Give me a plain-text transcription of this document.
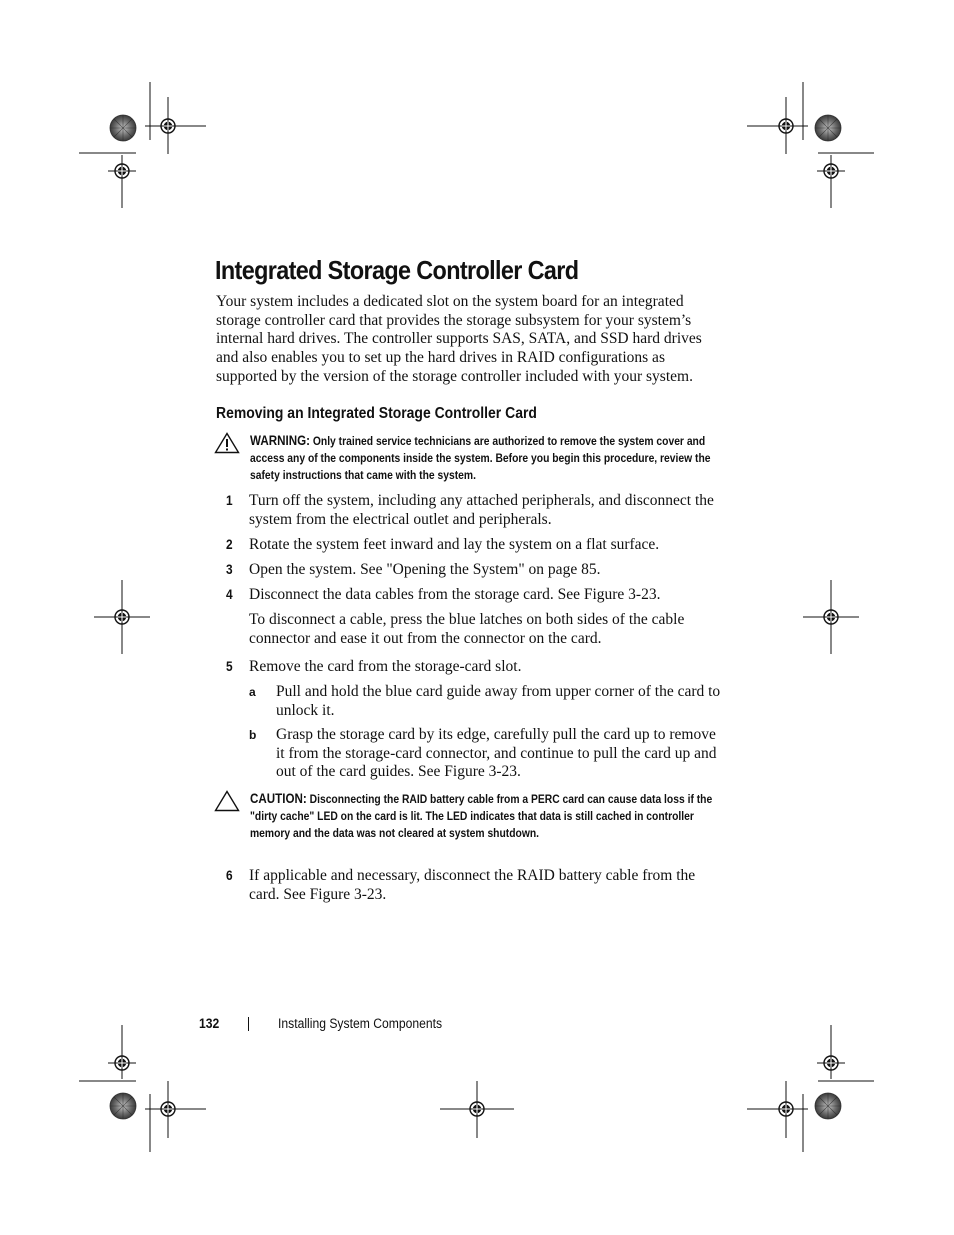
Integrated Storage Controller Card

Your system includes a dedicated slot on the system board for an integrated storage controller card that provides the storage subsystem for your system’s internal hard drives. The controller supports SAS, SATA, and SSD hard drives and also enables you to set up the hard drives in RAID configurations as supported by the version of the storage controller included with your system.

Removing an Integrated Storage Controller Card
WARNING: Only trained service technicians are authorized to remove the system cover and access any of the components inside the system. Before you begin this procedure, review the safety instructions that came with the system.
1 Turn off the system, including any attached peripherals, and disconnect the system from the electrical outlet and peripherals.
2 Rotate the system feet inward and lay the system on a flat surface.
3 Open the system. See "Opening the System" on page 85.
4 Disconnect the data cables from the storage card. See Figure 3-23.
To disconnect a cable, press the blue latches on both sides of the cable connector and ease it out from the connector on the card.
5 Remove the card from the storage-card slot.
a Pull and hold the blue card guide away from upper corner of the card to unlock it.
b Grasp the storage card by its edge, carefully pull the card up to remove it from the storage-card connector, and continue to pull the card up and out of the card guides. See Figure 3-23.
CAUTION: Disconnecting the RAID battery cable from a PERC card can cause data loss if the "dirty cache" LED on the card is lit. The LED indicates that data is still cached in controller memory and the data was not cleared at system shutdown.
6 If applicable and necessary, disconnect the RAID battery cable from the card. See Figure 3-23.
132	Installing System Components
